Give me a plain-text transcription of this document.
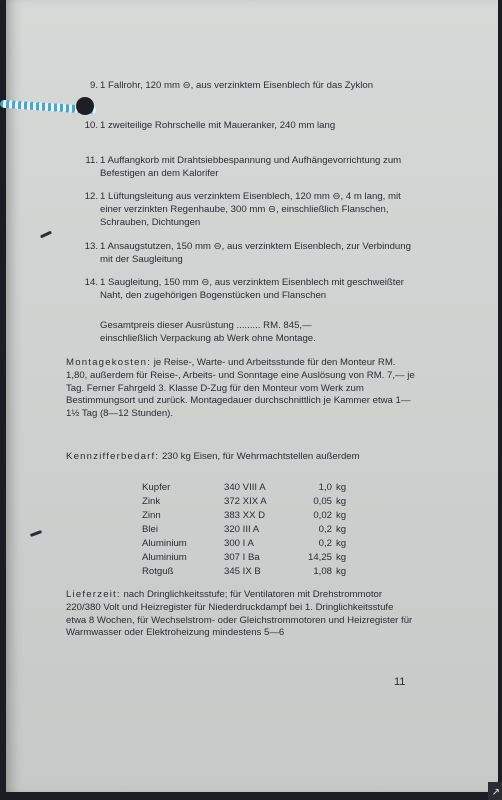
9. 1 Fallrohr, 120 mm ⊖, aus verzinktem Eisenblech für das Zyklon
10. 1 zweiteilige Rohrschelle mit Maueranker, 240 mm lang
11. 1 Auffangkorb mit Drahtsiebbespannung und Aufhängevorrichtung zum Befestigen an dem Kalorifer
12. 1 Lüftungsleitung aus verzinktem Eisenblech, 120 mm ⊖, 4 m lang, mit einer verzinkten Regenhaube, 300 mm ⊖, einschließlich Flanschen, Schrauben, Dichtungen
13. 1 Ansaugstutzen, 150 mm ⊖, aus verzinktem Eisenblech, zur Verbindung mit der Saugleitung
14. 1 Saugleitung, 150 mm ⊖, aus verzinktem Eisenblech mit geschweißter Naht, den zugehörigen Bogenstücken und Flanschen
Gesamtpreis dieser Ausrüstung ......... RM. 845,—
einschließlich Verpackung ab Werk ohne Montage.
Montagekosten: je Reise-, Warte- und Arbeitsstunde für den Monteur RM. 1,80, außerdem für Reise-, Arbeits- und Sonntage eine Auslösung von RM. 7,— je Tag. Ferner Fahrgeld 3. Klasse D-Zug für den Monteur vom Werk zum Bestimmungsort und zurück. Montagedauer durchschnittlich je Kammer etwa 1—1½ Tag (8—12 Stunden).
Kennzifferbedarf: 230 kg Eisen, für Wehrmachtstellen außerdem
Kupfer	340 VIII A	1,0 kg
Zink	372 XIX A	0,05 kg
Zinn	383 XX D	0,02 kg
Blei	320 III A	0,2 kg
Aluminium	300 I A	0,2 kg
Aluminium	307 I Ba	14,25 kg
Rotguß	345 IX B	1,08 kg
Lieferzeit: nach Dringlichkeitsstufe; für Ventilatoren mit Drehstrommotor 220/380 Volt und Heizregister für Niederdruckdampf bei 1. Dringlichkeitsstufe etwa 8 Wochen, für Wechselstrom- oder Gleichstrommotoren und Heizregister für Warmwasser oder Elektroheizung mindestens 5—6
11
↗
